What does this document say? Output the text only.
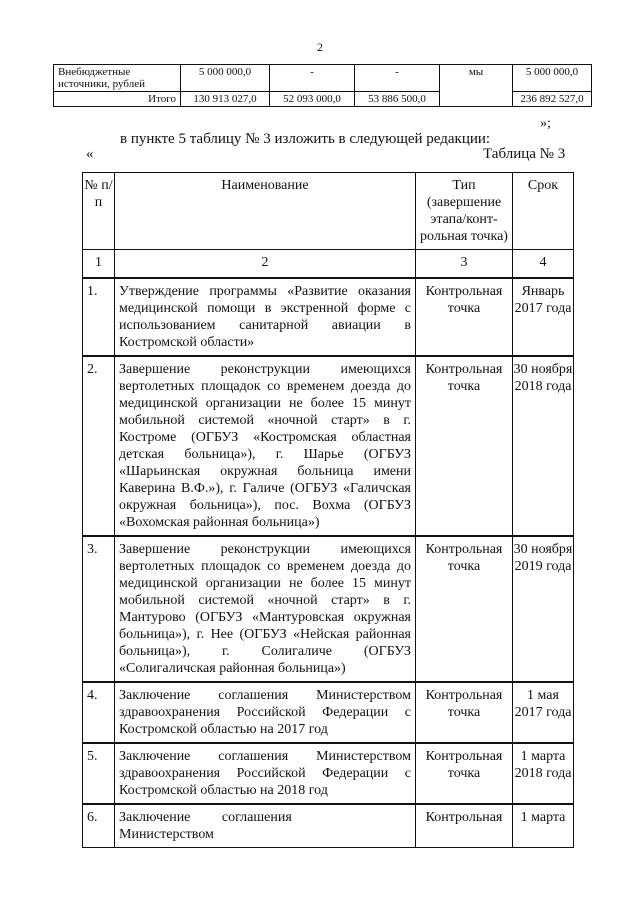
2
Внебюджетные источники, рублей	5 000 000,0	-	-	мы	5 000 000,0
Итого	130 913 027,0	52 093 000,0	53 886 500,0		236 892 527,0
»;
в пункте 5 таблицу № 3 изложить в следующей редакции:
«	Таблица № 3
№ п/п	Наименование	Тип (завершение этапа/конт-рольная точка)	Срок
1	2	3	4
1.	Утверждение программы «Развитие оказания медицинской помощи в экстренной форме с использованием санитарной авиации в Костромской области»	Контрольная точка	Январь 2017 года
2.	Завершение реконструкции имеющихся вертолетных площадок со временем доезда до медицинской организации не более 15 минут мобильной системой «ночной старт» в г. Костроме (ОГБУЗ «Костромская областная детская больница»), г. Шарье (ОГБУЗ «Шарьинская окружная больница имени Каверина В.Ф.»), г. Галиче (ОГБУЗ «Галичская окружная больница»), пос. Вохма (ОГБУЗ «Вохомская районная больница»)	Контрольная точка	30 ноября 2018 года
3.	Завершение реконструкции имеющихся вертолетных площадок со временем доезда до медицинской организации не более 15 минут мобильной системой «ночной старт» в г. Мантурово (ОГБУЗ «Мантуровская окружная больница»), г. Нее (ОГБУЗ «Нейская районная больница»), г. Солигаличе (ОГБУЗ «Солигаличская районная больница»)	Контрольная точка	30 ноября 2019 года
4.	Заключение соглашения Министерством здравоохранения Российской Федерации с Костромской областью на 2017 год	Контрольная точка	1 мая 2017 года
5.	Заключение соглашения Министерством здравоохранения Российской Федерации с Костромской областью на 2018 год	Контрольная точка	1 марта 2018 года
6.	Заключение соглашения Министерством	Контрольная	1 марта
